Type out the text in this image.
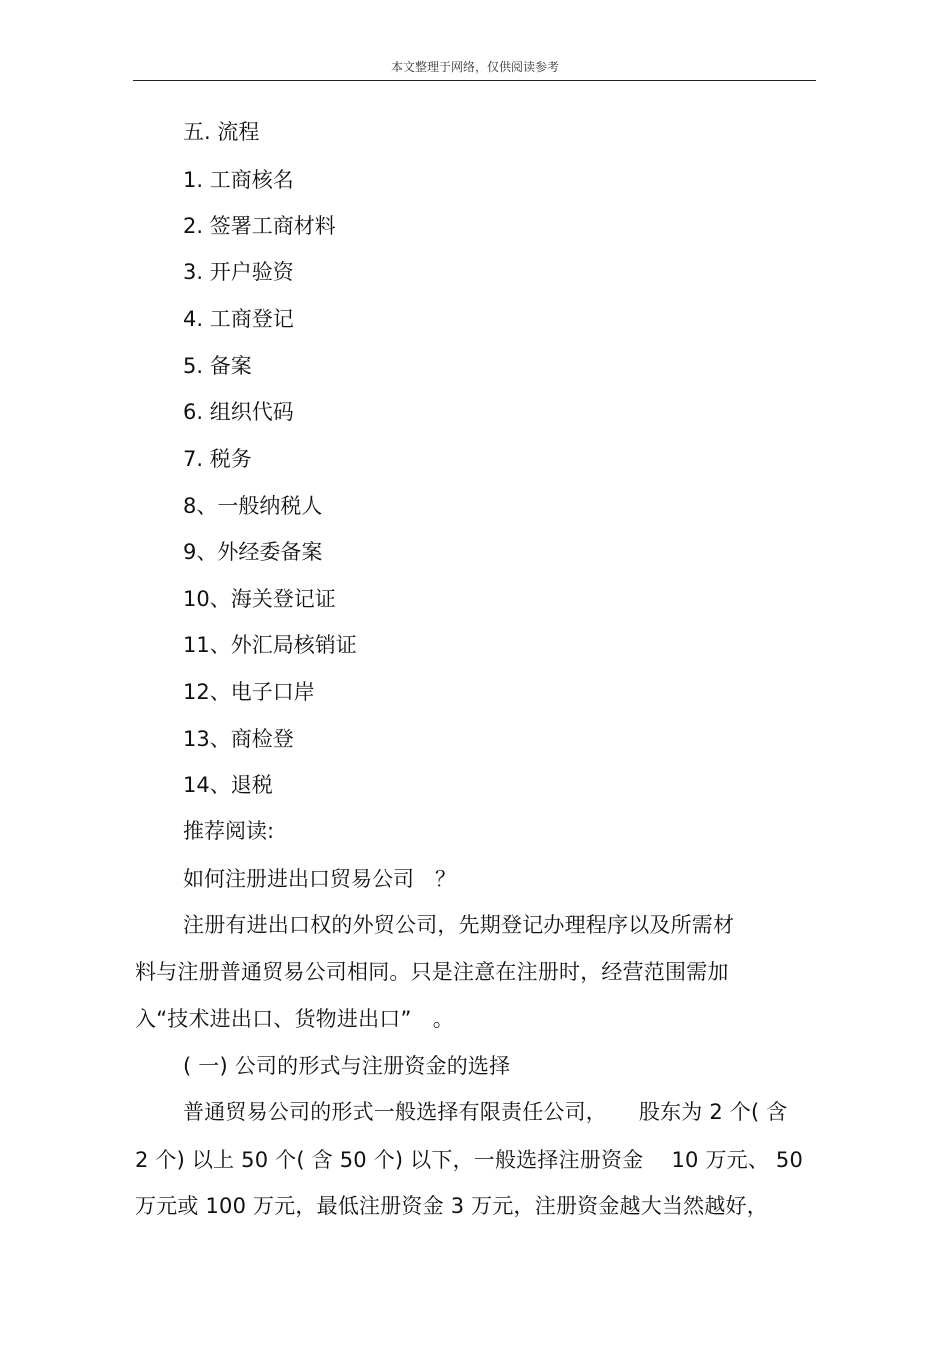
本文整理于网络，仅供阅读参考
五. 流程
1. 工商核名
2. 签署工商材料
3. 开户验资
4. 工商登记
5. 备案
6. 组织代码
7. 税务
8、一般纳税人
9、外经委备案
10、海关登记证
11、外汇局核销证
12、电子口岸
13、商检登
14、退税
推荐阅读:
如何注册进出口贸易公司　？
注册有进出口权的外贸公司，先期登记办理程序以及所需材
料与注册普通贸易公司相同。只是注意在注册时，经营范围需加
入“技术进出口、货物进出口”　。
( 一) 公司的形式与注册资金的选择
普通贸易公司的形式一般选择有限责任公司，　　股东为 2 个( 含
2 个) 以上 50 个( 含 50 个) 以下，一般选择注册资金　 10 万元、 50
万元或 100 万元，最低注册资金 3 万元，注册资金越大当然越好，
